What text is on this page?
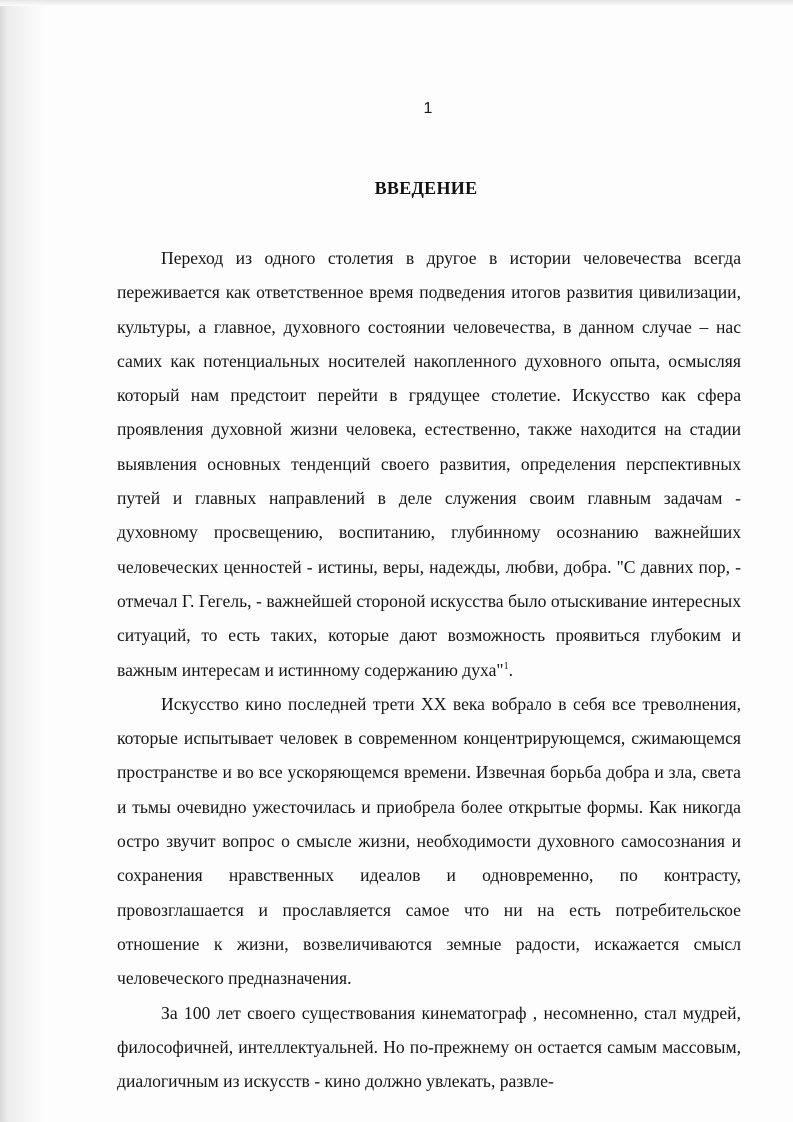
1
ВВЕДЕНИЕ

Переход из одного столетия в другое в истории человечества всегда переживается как ответственное время подведения итогов развития цивилизации, культуры, а главное, духовного состоянии человечества, в данном случае – нас самих как потенциальных носителей накопленного духовного опыта, осмысляя который нам предстоит перейти в грядущее столетие. Искусство как сфера проявления духовной жизни человека, естественно, также находится на стадии выявления основных тенденций своего развития, определения перспективных путей и главных направлений в деле служения своим главным задачам - духовному просвещению, воспитанию, глубинному осознанию важнейших человеческих ценностей - истины, веры, надежды, любви, добра. "С давних пор, - отмечал Г. Гегель, - важнейшей стороной искусства было отыскивание интересных ситуаций, то есть таких, которые дают возможность проявиться глубоким и важным интересам и истинному содержанию духа"$^1$.

Искусство кино последней трети XX века вобрало в себя все треволнения, которые испытывает человек в современном концентрирующемся, сжимающемся пространстве и во все ускоряющемся времени. Извечная борьба добра и зла, света и тьмы очевидно ужесточилась и приобрела более открытые формы. Как никогда остро звучит вопрос о смысле жизни, необходимости духовного самосознания и сохранения нравственных идеалов и одновременно, по контрасту, провозглашается и прославляется самое что ни на есть потребительское отношение к жизни, возвеличиваются земные радости, искажается смысл человеческого предназначения.

За 100 лет своего существования кинематограф , несомненно, стал мудрей, философичней, интеллектуальней. Но по-прежнему он остается самым массовым, диалогичным из искусств - кино должно увлекать, развле-
